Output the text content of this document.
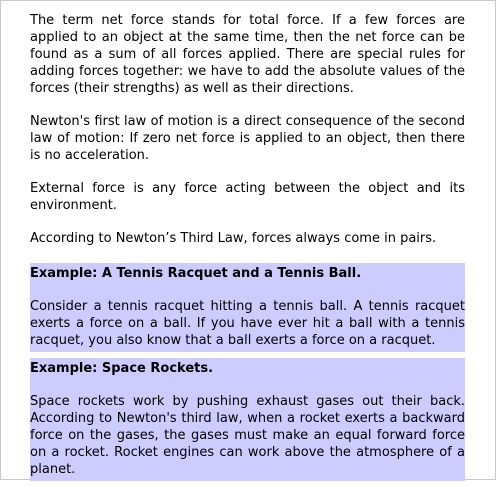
The term net force stands for total force. If a few forces are applied to an object at the same time, then the net force can be found as a sum of all forces applied. There are special rules for adding forces together: we have to add the absolute values of the forces (their strengths) as well as their directions.

Newton's first law of motion is a direct consequence of the second law of motion: If zero net force is applied to an object, then there is no acceleration.

External force is any force acting between the object and its environment.

According to Newton’s Third Law, forces always come in pairs.

Example: A Tennis Racquet and a Tennis Ball.

Consider a tennis racquet hitting a tennis ball. A tennis racquet exerts a force on a ball. If you have ever hit a ball with a tennis racquet, you also know that a ball exerts a force on a racquet.

Example: Space Rockets.

Space rockets work by pushing exhaust gases out their back. According to Newton's third law, when a rocket exerts a backward force on the gases, the gases must make an equal forward force on a rocket. Rocket engines can work above the atmosphere of a planet.
